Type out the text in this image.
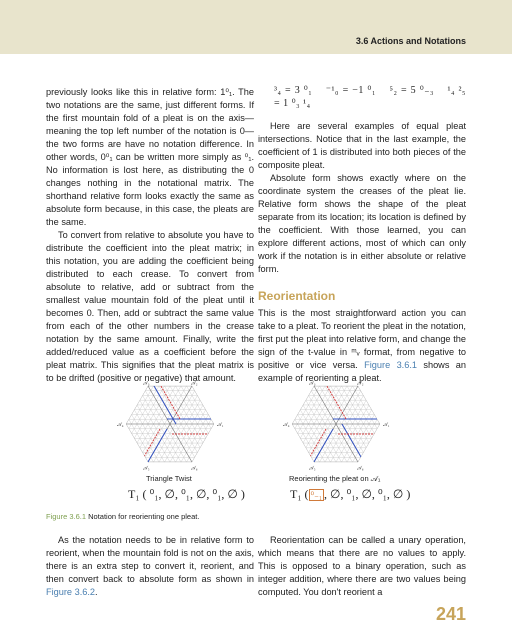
3.6 Actions and Notations

previously looks like this in relative form: 1⁰₁. The two notations are the same, just different forms. If the first mountain fold of a pleat is on the axis—meaning the top left number of the notation is 0—the two forms are have no notation difference. In other words, 0⁰₁ can be written more simply as ⁰₁. No information is lost here, as distributing the 0 changes nothing in the notational matrix. The shorthand relative form looks exactly the same as absolute form because, in this case, the pleats are the same.

To convert from relative to absolute you have to distribute the coefficient into the pleat matrix; in this notation, you are adding the coefficient being distributed to each crease. To convert from absolute to relative, add or subtract from the smallest value mountain fold of the pleat until it becomes 0. Then, add or subtract the same value from each of the other numbers in the crease notation by the same amount. Finally, write the added/reduced value as a coefficient before the pleat matrix. This signifies that the pleat matrix is to be drifted (positive or negative) that amount.

³₄ = 3 ⁰₁ ⁻¹₀ = −1 ⁰₁ ⁵₂ = 5 ⁰₋₃ ¹₄ ²₅ = 1 ⁰₃ ¹₄

Here are several examples of equal pleat intersections. Notice that in the last example, the coefficient of 1 is distributed into both pieces of the composite pleat.

Absolute form shows exactly where on the coordinate system the creases of the pleat lie. Relative form shows the shape of the pleat separate from its location; its location is defined by the coefficient. With those learned, you can explore different actions, most of which can only work if the notation is in either absolute or relative form.

Reorientation

This is the most straightforward action you can take to a pleat. To reorient the pleat in the notation, first put the pleat into relative form, and change the sign of the t-value in ᵐᵥ format, from negative to positive or vice versa. Figure 3.6.1 shows an example of reorienting a pleat.

𝒜₁
𝒜₂
𝒜₃
𝒜₄
𝒜₅	𝒜₆
𝒜₁
𝒜₂
𝒜₃
𝒜₄
𝒜₅	𝒜₆
Triangle Twist	Reorienting the pleat on 𝒜₁
T₁ ( ⁰₁, ∅, ⁰₁, ∅, ⁰₁, ∅ )	T₁ ( ⁰₋₁ , ∅, ⁰₁, ∅, ⁰₁, ∅ )
Figure 3.6.1 Notation for reorienting one pleat.

As the notation needs to be in relative form to reorient, when the mountain fold is not on the axis, there is an extra step to convert it, reorient, and then convert back to absolute form as shown in Figure 3.6.2.

Reorientation can be called a unary operation, which means that there are no values to apply. This is opposed to a binary operation, such as integer addition, where there are two values being computed. You don't reorient a

241
